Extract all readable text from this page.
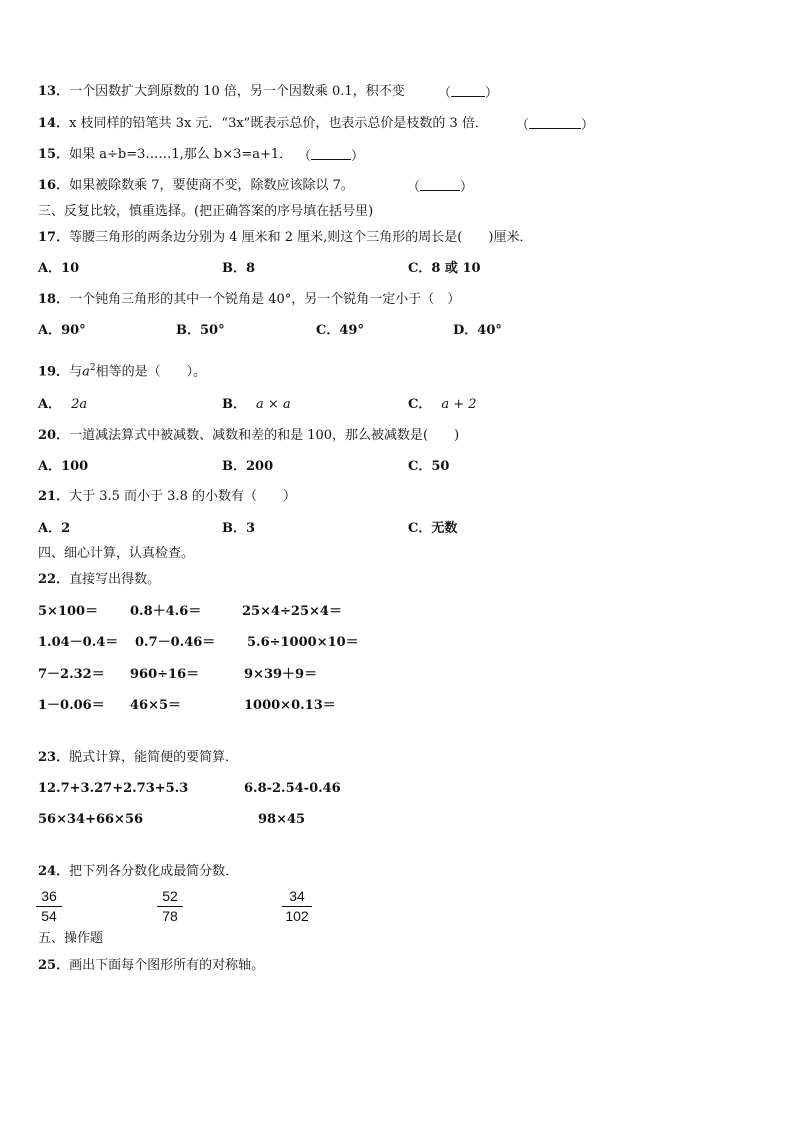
13．一个因数扩大到原数的 10 倍，另一个因数乘 0.1，积不变	（	）
14．x 枝同样的铅笔共 3x 元．“3x”既表示总价，也表示总价是枝数的 3 倍． （	）
15．如果 a÷b=3……1,那么 b×3=a+1． （	）
16．如果被除数乘 7，要使商不变，除数应该除以 7。	（	）
三、反复比较，慎重选择。(把正确答案的序号填在括号里)
17．等腰三角形的两条边分别为 4 厘米和 2 厘米,则这个三角形的周长是(　　)厘米．
A．10	B．8	C．8 或 10
18．一个钝角三角形的其中一个锐角是 40°，另一个锐角一定小于（　）
A．90°	B．50°	C．49°	D．40°
19．与$a^2$相等的是（　　）。
A． 2a	B． a × a	C． a + 2
20．一道减法算式中被减数、减数和差的和是 100，那么被减数是(　　)
A．100	B．200	C．50
21．大于 3.5 而小于 3.8 的小数有（　　）
A．2	B．3	C．无数
四、细心计算，认真检查。
22．直接写出得数。
5×100＝ 0.8＋4.6＝	25×4÷25×4＝
1.04－0.4＝ 0.7－0.46＝ 5.6÷1000×10＝
7－2.32＝ 960÷16＝	9×39＋9＝
1－0.06＝ 46×5＝	1000×0.13＝
23．脱式计算，能简便的要简算．
12.7+3.27+2.73+5.3	6.8-2.54-0.46
56×34+66×56	98×45
24．把下列各分数化成最简分数．
36
54
52
78
34
102
五、操作题
25．画出下面每个图形所有的对称轴。
